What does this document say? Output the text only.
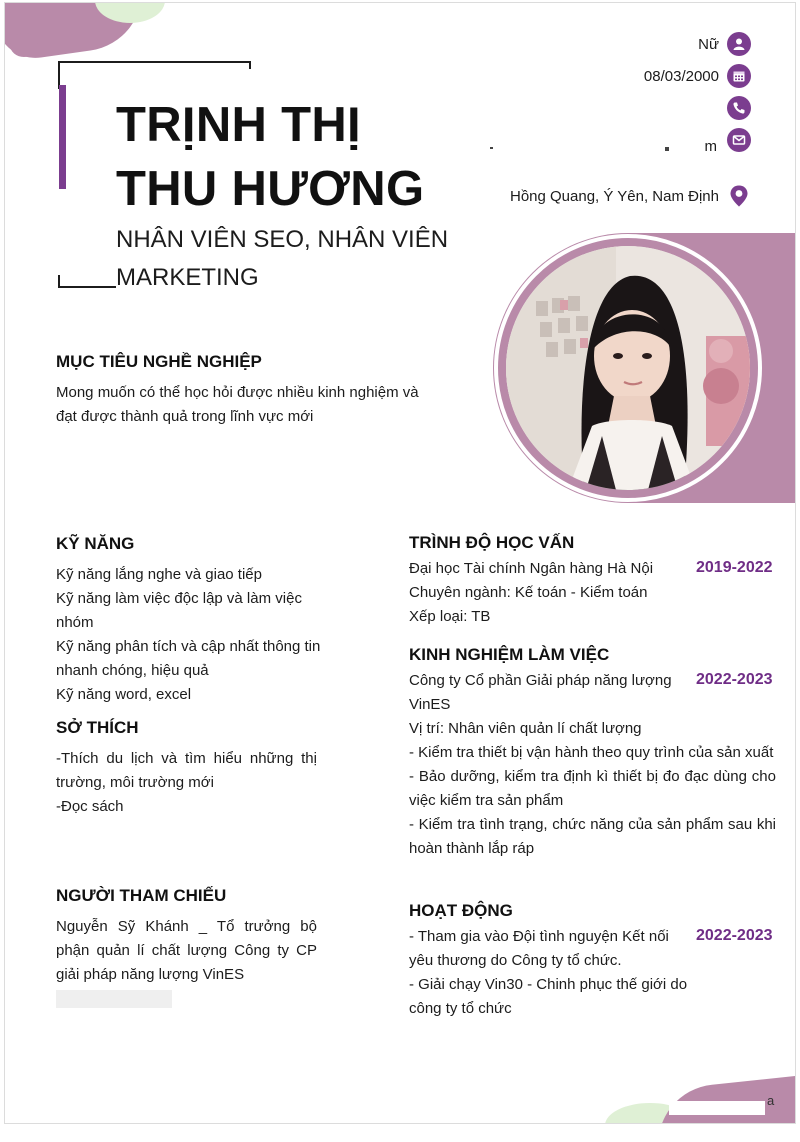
TRỊNH THỊ
THU HƯƠNG
NHÂN VIÊN SEO, NHÂN VIÊN
MARKETING
Nữ
08/03/2000
m
Hồng Quang, Ý Yên, Nam Định
MỤC TIÊU NGHỀ NGHIỆP
Mong muốn có thể học hỏi được nhiều kinh nghiệm và
đạt được thành quả trong lĩnh vực mới
KỸ NĂNG
Kỹ năng lắng nghe và giao tiếp
Kỹ năng làm việc độc lập và làm việc nhóm
Kỹ năng phân tích và cập nhất thông tin nhanh chóng, hiệu quả
Kỹ năng word, excel
SỞ THÍCH
-Thích du lịch và tìm hiểu những thị trường, môi trường mới
-Đọc sách
NGƯỜI THAM CHIẾU
Nguyễn Sỹ Khánh _ Tổ trưởng bộ phận quản lí chất lượng Công ty CP giải pháp năng lượng VinES
TRÌNH ĐỘ HỌC VẤN
2019-2022
Đại học Tài chính Ngân hàng Hà Nội
Chuyên ngành: Kế toán - Kiểm toán
Xếp loại: TB
KINH NGHIỆM LÀM VIỆC
2022-2023
Công ty Cổ phần Giải pháp năng lượng VinES
Vị trí: Nhân viên quản lí chất lượng
- Kiểm tra thiết bị vận hành theo quy trình của sản xuất
- Bảo dưỡng, kiểm tra định kì thiết bị đo đạc dùng cho việc kiểm tra sản phẩm
- Kiểm tra tình trạng, chức năng của sản phẩm sau khi hoàn thành lắp ráp
HOẠT ĐỘNG
2022-2023
- Tham gia vào Đội tình nguyện Kết nối yêu thương do Công ty tổ chức.
- Giải chạy Vin30 - Chinh phục thế giới do công ty tổ chức
a
